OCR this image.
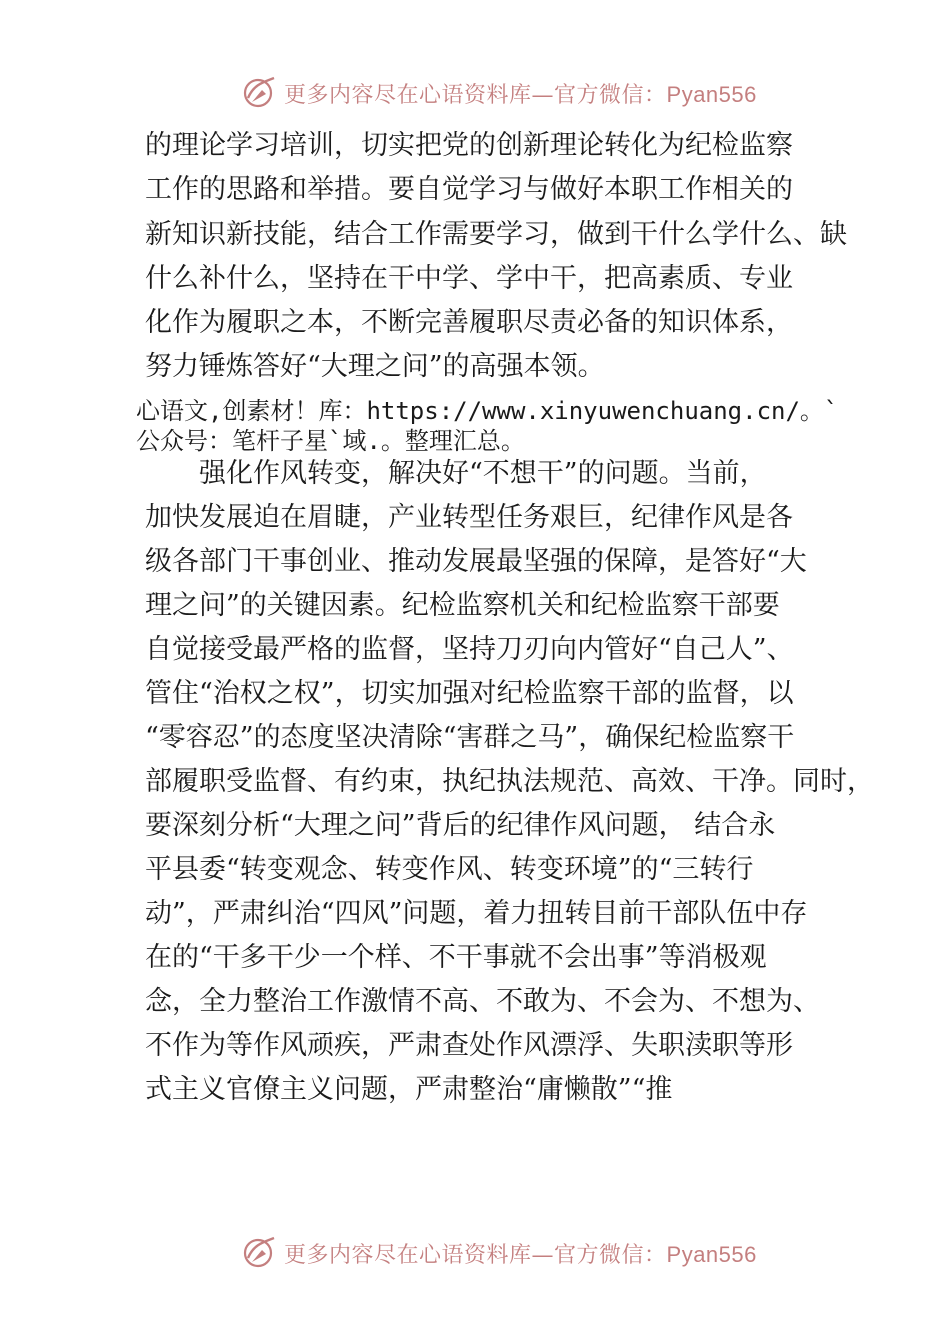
更多内容尽在心语资料库—官方微信：Pyan556
的理论学习培训，切实把党的创新理论转化为纪检监察
工作的思路和举措。要自觉学习与做好本职工作相关的
新知识新技能，结合工作需要学习，做到干什么学什么、缺
什么补什么，坚持在干中学、学中干，把高素质、专业
化作为履职之本，不断完善履职尽责必备的知识体系，
努力锤炼答好“大理之问”的高强本领。
心语文,创素材！库：https://www.xinyuwenchuang.cn/。`
公众号：笔杆子星`域.。整理汇总。
　　强化作风转变，解决好“不想干”的问题。当前，
加快发展迫在眉睫，产业转型任务艰巨，纪律作风是各
级各部门干事创业、推动发展最坚强的保障，是答好“大
理之问”的关键因素。纪检监察机关和纪检监察干部要
自觉接受最严格的监督，坚持刀刃向内管好“自己人”、
管住“治权之权”，切实加强对纪检监察干部的监督，以
“零容忍”的态度坚决清除“害群之马”，确保纪检监察干
部履职受监督、有约束，执纪执法规范、高效、干净。同时，
要深刻分析“大理之问”背后的纪律作风问题， 结合永
平县委“转变观念、转变作风、转变环境”的“三转行
动”，严肃纠治“四风”问题，着力扭转目前干部队伍中存
在的“干多干少一个样、不干事就不会出事”等消极观
念，全力整治工作激情不高、不敢为、不会为、不想为、
不作为等作风顽疾，严肃查处作风漂浮、失职渎职等形
式主义官僚主义问题，严肃整治“庸懒散”“推
更多内容尽在心语资料库—官方微信：Pyan556
